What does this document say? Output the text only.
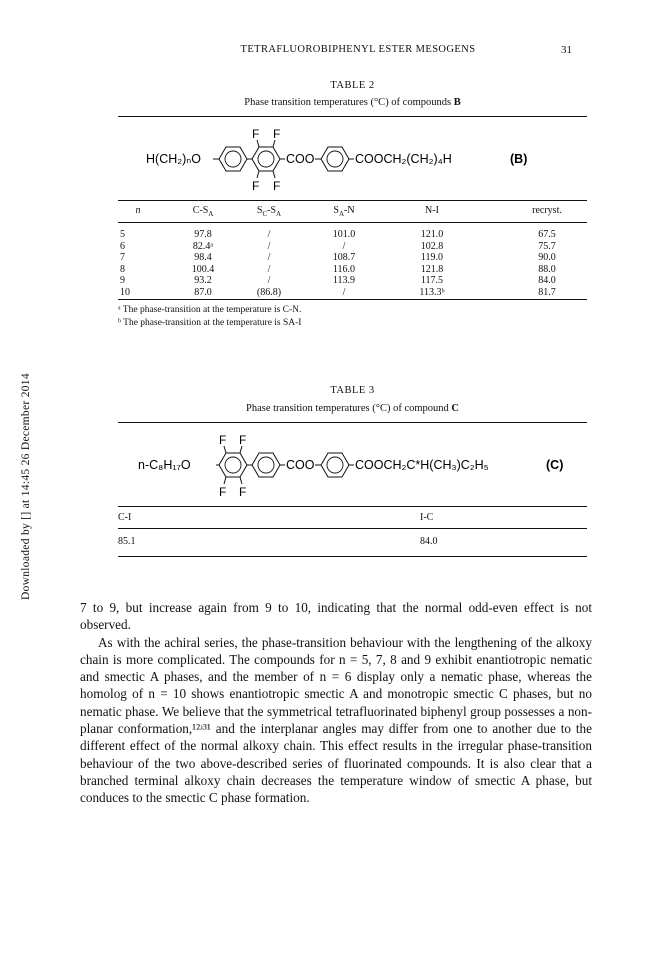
TETRAFLUOROBIPHENYL ESTER MESOGENS	31
Downloaded by [] at 14:45 26 December 2014
TABLE 2
Phase transition temperatures (°C) of compounds B
H(CH₂)ₙO
F F
F F
COO	COOCH₂(CH₂)₄H	(B)
n	$C-S_A$	$S_C-S_A$	$S_A-N$	N-I	recryst.
5	97.8	/	101.0	121.0	67.5
6	82.4ᵃ	/	/	102.8	75.7
7	98.4	/	108.7	119.0	90.0
8	100.4	/	116.0	121.8	88.0
9	93.2	/	113.9	117.5	84.0
10	87.0	(86.8)	/	113.3ᵇ	81.7
ᵃ The phase-transition at the temperature is C-N.
ᵇ The phase-transition at the temperature is SA-I
TABLE 3
Phase transition temperatures (°C) of compound C
n-C₈H₁₇O
F F
F F
COO	COOCH₂C*H(CH₃)C₂H₅	(C)
C-I	I-C
85.1	84.0

7 to 9, but increase again from 9 to 10, indicating that the normal odd-even effect is not observed.

As with the achiral series, the phase-transition behaviour with the lengthening of the alkoxy chain is more complicated. The compounds for n = 5, 7, 8 and 9 exhibit enantiotropic nematic and smectic A phases, and the member of n = 6 display only a nematic phase, whereas the homolog of n = 10 shows enantiotropic smectic A and monotropic smectic C phases, but no nematic phase. We believe that the symmetrical tetrafluorinated biphenyl group possesses a non-planar conformation,¹²ʴ³¹ and the interplanar angles may differ from one to another due to the different effect of the normal alkoxy chain. This effect results in the irregular phase-transition behaviour of the two above-described series of fluorinated compounds. It is also clear that a branched terminal alkoxy chain decreases the temperature window of smectic A phase, but conduces to the smectic C phase formation.
